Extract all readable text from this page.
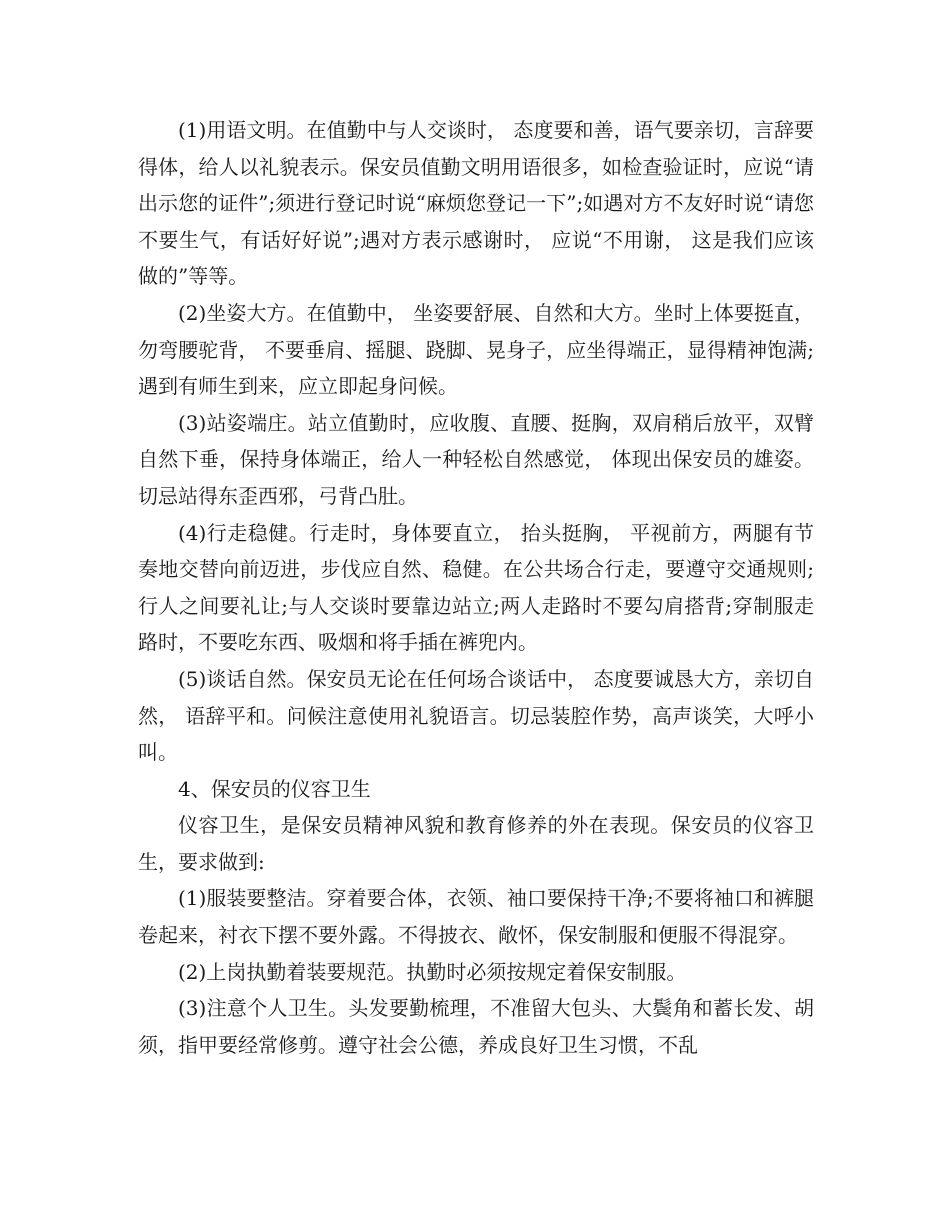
(1)用语文明。在值勤中与人交谈时， 态度要和善，语气要亲切，言辞要得体，给人以礼貌表示。保安员值勤文明用语很多，如检查验证时，应说“请出示您的证件”;须进行登记时说“麻烦您登记一下”;如遇对方不友好时说“请您不要生气，有话好好说”;遇对方表示感谢时， 应说“不用谢， 这是我们应该做的”等等。

(2)坐姿大方。在值勤中， 坐姿要舒展、自然和大方。坐时上体要挺直， 勿弯腰驼背， 不要垂肩、摇腿、跷脚、晃身子，应坐得端正，显得精神饱满;遇到有师生到来，应立即起身问候。

(3)站姿端庄。站立值勤时，应收腹、直腰、挺胸，双肩稍后放平，双臂自然下垂，保持身体端正，给人一种轻松自然感觉， 体现出保安员的雄姿。切忌站得东歪西邪，弓背凸肚。

(4)行走稳健。行走时，身体要直立， 抬头挺胸， 平视前方，两腿有节奏地交替向前迈进，步伐应自然、稳健。在公共场合行走，要遵守交通规则;行人之间要礼让;与人交谈时要靠边站立;两人走路时不要勾肩搭背;穿制服走路时，不要吃东西、吸烟和将手插在裤兜内。

(5)谈话自然。保安员无论在任何场合谈话中， 态度要诚恳大方，亲切自然， 语辞平和。问候注意使用礼貌语言。切忌装腔作势，高声谈笑，大呼小叫。

4、保安员的仪容卫生

仪容卫生，是保安员精神风貌和教育修养的外在表现。保安员的仪容卫生，要求做到:

(1)服装要整洁。穿着要合体，衣领、袖口要保持干净;不要将袖口和裤腿卷起来，衬衣下摆不要外露。不得披衣、敞怀，保安制服和便服不得混穿。

(2)上岗执勤着装要规范。执勤时必须按规定着保安制服。

(3)注意个人卫生。头发要勤梳理，不准留大包头、大鬓角和蓄长发、胡须，指甲要经常修剪。遵守社会公德，养成良好卫生习惯，不乱
